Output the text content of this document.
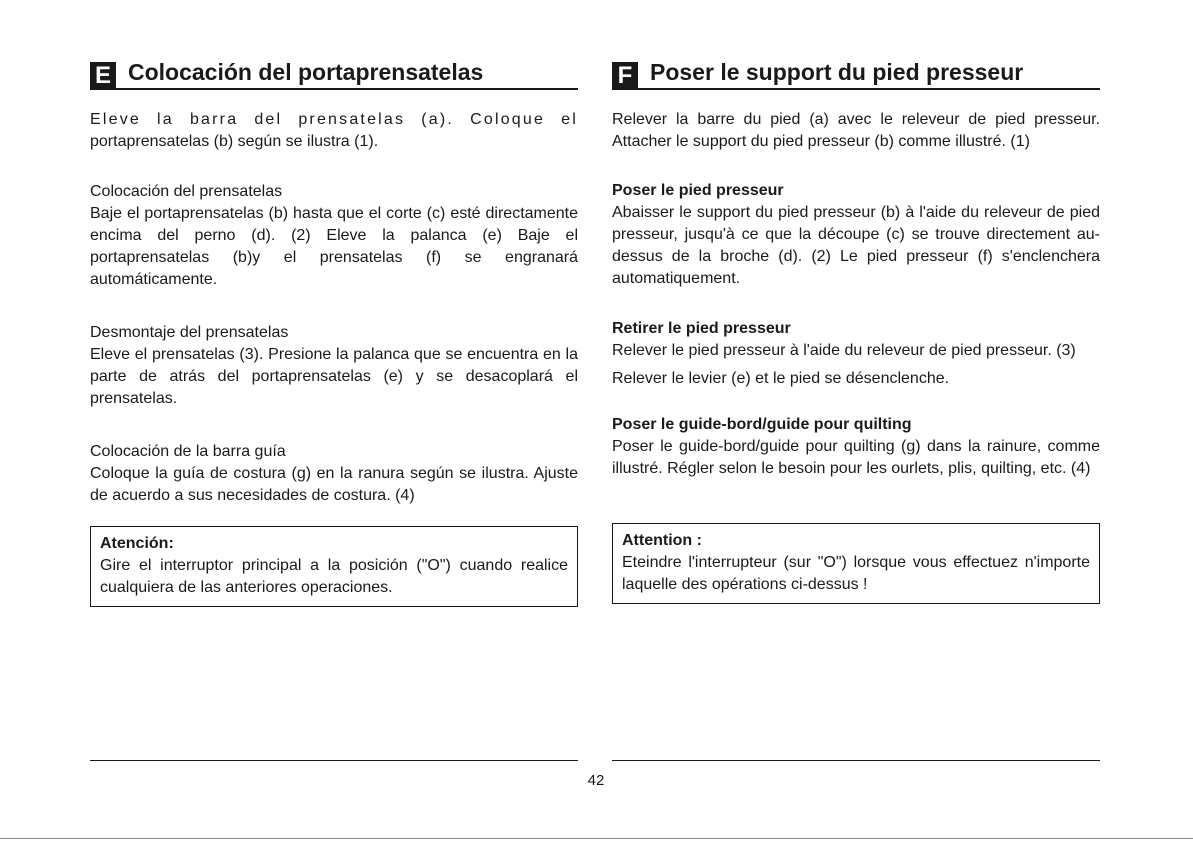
E Colocación del portaprensatelas

Eleve la barra del prensatelas (a). Coloque el

portaprensatelas (b) según se ilustra (1).

Colocación del prensatelas

Baje el portaprensatelas (b) hasta que el corte (c) esté directamente encima del perno (d). (2) Eleve la palanca (e) Baje el portaprensatelas (b)y el prensatelas (f) se engranará automáticamente.

Desmontaje del prensatelas

Eleve el prensatelas (3). Presione la palanca que se encuentra en la parte de atrás del portaprensatelas (e) y se desacoplará el prensatelas.

Colocación de la barra guía

Coloque la guía de costura (g) en la ranura según se ilustra. Ajuste de acuerdo a sus necesidades de costura. (4)

Atención:

Gire el interruptor principal a la posición ("O") cuando realice cualquiera de las anteriores operaciones.

F Poser le support du pied presseur

Relever la barre du pied (a) avec le releveur de pied presseur. Attacher le support du pied presseur (b) comme illustré. (1)

Poser le pied presseur

Abaisser le support du pied presseur (b) à l'aide du releveur de pied presseur, jusqu'à ce que la découpe (c) se trouve directement au-dessus de la broche (d). (2) Le pied presseur (f) s'enclenchera automatiquement.

Retirer le pied presseur

Relever le pied presseur à l'aide du releveur de pied presseur. (3)

Relever le levier (e) et le pied se désenclenche.

Poser le guide-bord/guide pour quilting

Poser le guide-bord/guide pour quilting (g) dans la rainure, comme illustré. Régler selon le besoin pour les ourlets, plis, quilting, etc. (4)

Attention :

Eteindre l'interrupteur (sur "O") lorsque vous effectuez n'importe laquelle des opérations ci-dessus !

42
